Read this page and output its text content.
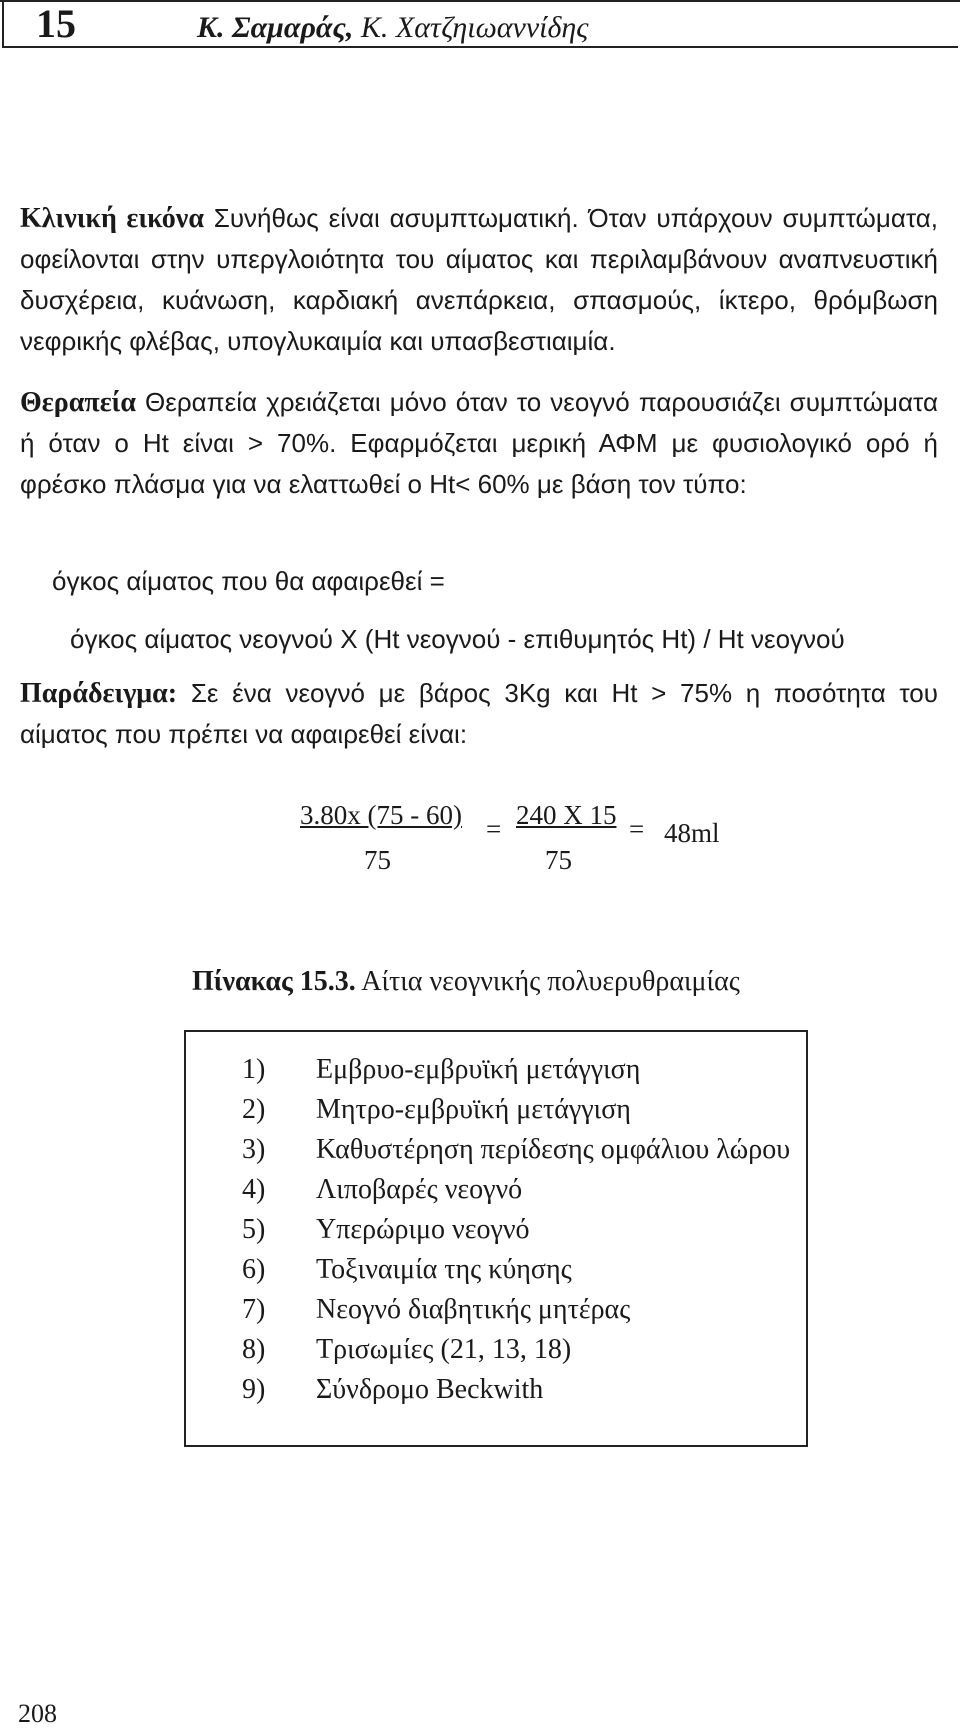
15	Κ. Σαμαράς, Κ. Χατζηιωαννίδης
Κλινική εικόνα Συνήθως είναι ασυμπτωματική. Όταν υπάρχουν συμπτώματα, οφείλονται στην υπεργλοιότητα του αίματος και περιλαμβάνουν αναπνευστική δυσχέρεια, κυάνωση, καρδιακή ανεπάρκεια, σπασμούς, ίκτερο, θρόμβωση νεφρικής φλέβας, υπογλυκαιμία και υπασβεστιαιμία.
Θεραπεία Θεραπεία χρειάζεται μόνο όταν το νεογνό παρουσιάζει συμπτώματα ή όταν ο Ht είναι > 70%. Εφαρμόζεται μερική ΑΦΜ με φυσιολογικό ορό ή φρέσκο πλάσμα για να ελαττωθεί ο Ht< 60% με βάση τον τύπο:
όγκος αίματος που θα αφαιρεθεί =
όγκος αίματος νεογνού Χ (Ht νεογνού - επιθυμητός Ht) / Ht νεογνού
Παράδειγμα: Σε ένα νεογνό με βάρος 3Kg και Ht > 75% η ποσότητα του αίματος που πρέπει να αφαιρεθεί είναι:
3.80x (75 - 60)
75
= 240 X 15
75
= 48ml
Πίνακας 15.3. Αίτια νεογνικής πολυερυθραιμίας
1) Εμβρυο-εμβρυϊκή μετάγγιση
2) Μητρο-εμβρυϊκή μετάγγιση
3) Καθυστέρηση περίδεσης ομφάλιου λώρου
4) Λιποβαρές νεογνό
5) Υπερώριμο νεογνό
6) Τοξιναιμία της κύησης
7) Νεογνό διαβητικής μητέρας
8) Τρισωμίες (21, 13, 18)
9) Σύνδρομο Beckwith
208
